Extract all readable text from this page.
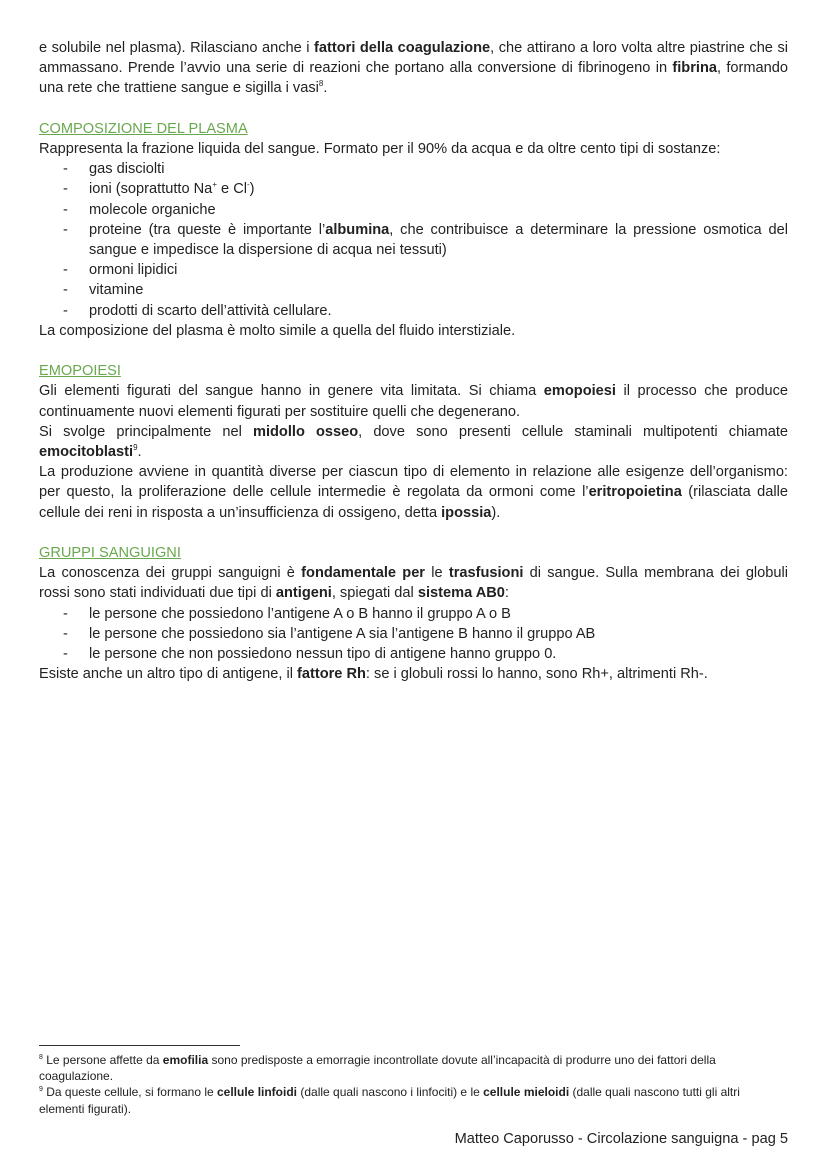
e solubile nel plasma). Rilasciano anche i fattori della coagulazione, che attirano a loro volta altre piastrine che si ammassano. Prende l’avvio una serie di reazioni che portano alla conversione di fibrinogeno in fibrina, formando una rete che trattiene sangue e sigilla i vasi$^8$.

COMPOSIZIONE DEL PLASMA

Rappresenta la frazione liquida del sangue. Formato per il 90% da acqua e da oltre cento tipi di sostanze:

- gas disciolti
- ioni (soprattutto Na+ e Cl-)
- molecole organiche
- proteine (tra queste è importante l’albumina, che contribuisce a determinare la pressione osmotica del sangue e impedisce la dispersione di acqua nei tessuti)
- ormoni lipidici
- vitamine
- prodotti di scarto dell’attività cellulare.

La composizione del plasma è molto simile a quella del fluido interstiziale.

EMOPOIESI

Gli elementi figurati del sangue hanno in genere vita limitata. Si chiama emopoiesi il processo che produce continuamente nuovi elementi figurati per sostituire quelli che degenerano.

Si svolge principalmente nel midollo osseo, dove sono presenti cellule staminali multipotenti chiamate emocitoblasti$^9$.

La produzione avviene in quantità diverse per ciascun tipo di elemento in relazione alle esigenze dell’organismo: per questo, la proliferazione delle cellule intermedie è regolata da ormoni come l’eritropoietina (rilasciata dalle cellule dei reni in risposta a un’insufficienza di ossigeno, detta ipossia).

GRUPPI SANGUIGNI

La conoscenza dei gruppi sanguigni è fondamentale per le trasfusioni di sangue. Sulla membrana dei globuli rossi sono stati individuati due tipi di antigeni, spiegati dal sistema AB0:

- le persone che possiedono l’antigene A o B hanno il gruppo A o B
- le persone che possiedono sia l’antigene A sia l’antigene B hanno il gruppo AB
- le persone che non possiedono nessun tipo di antigene hanno gruppo 0.

Esiste anche un altro tipo di antigene, il fattore Rh: se i globuli rossi lo hanno, sono Rh+, altrimenti Rh-.

$^8$ Le persone affette da emofilia sono predisposte a emorragie incontrollate dovute all’incapacità di produrre uno dei fattori della coagulazione.

$^9$ Da queste cellule, si formano le cellule linfoidi (dalle quali nascono i linfociti) e le cellule mieloidi (dalle quali nascono tutti gli altri elementi figurati).

Matteo Caporusso - Circolazione sanguigna - pag 5
